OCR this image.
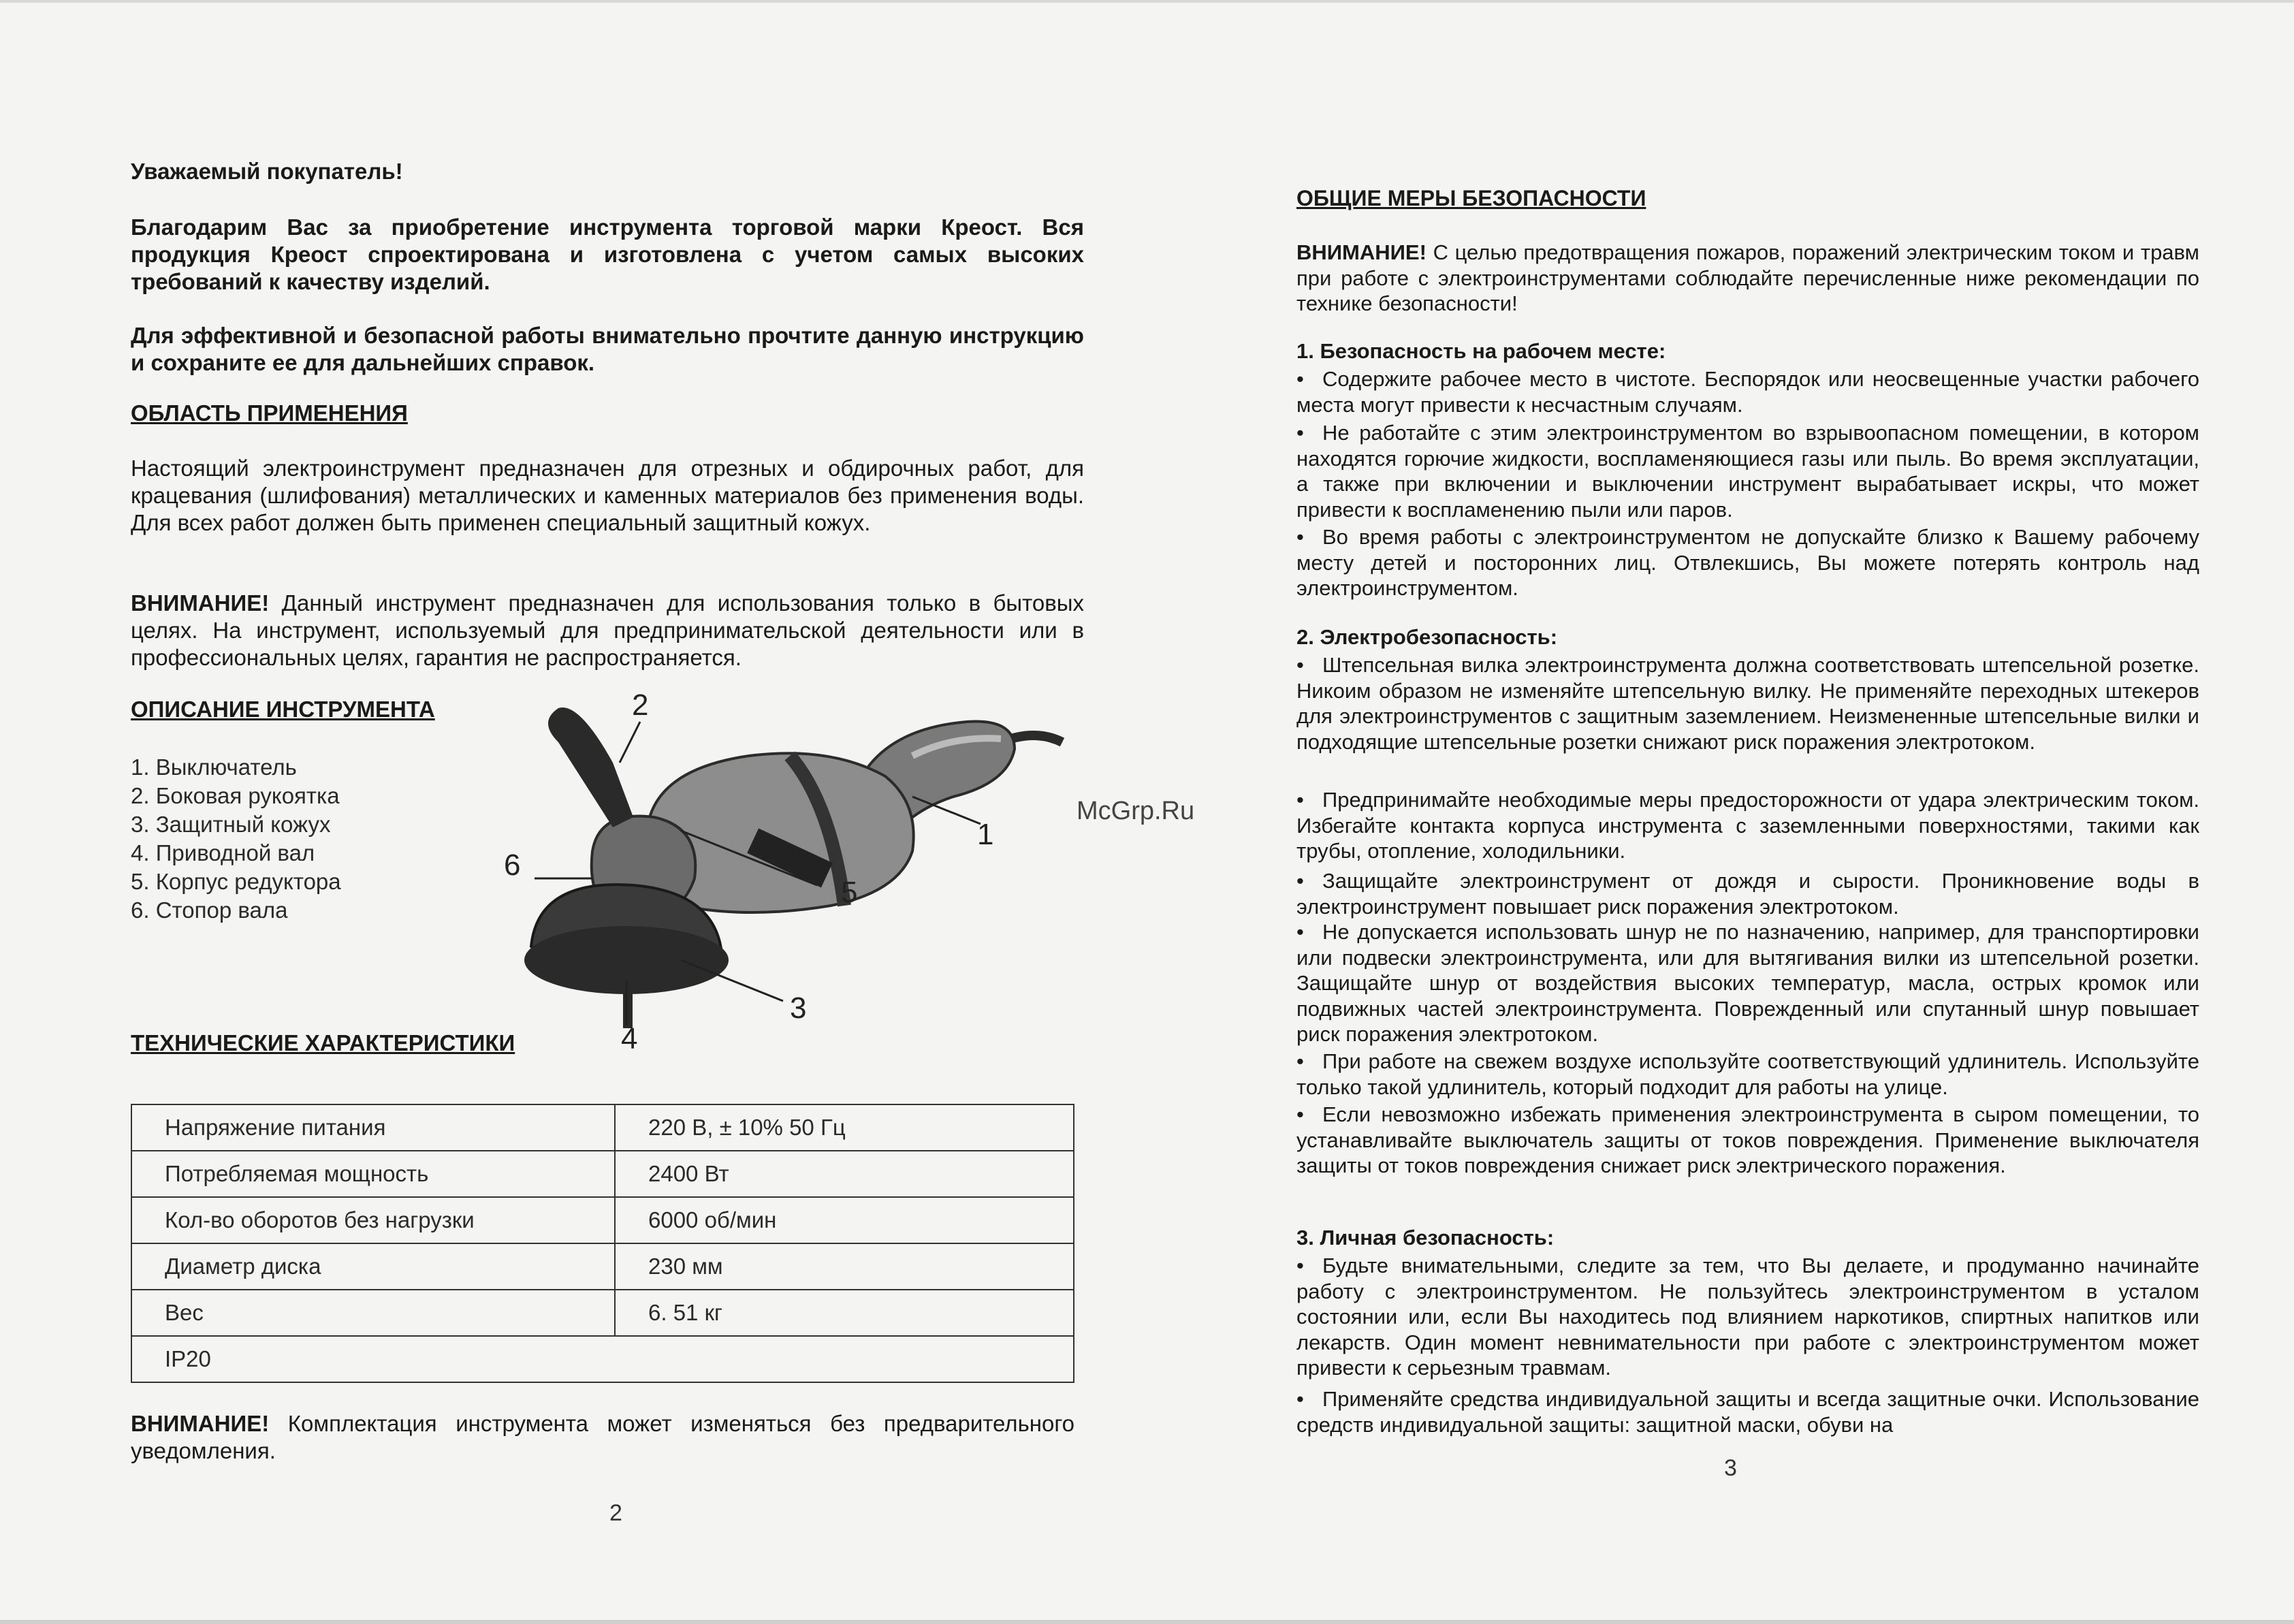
Уважаемый покупатель!
Благодарим Вас за приобретение инструмента торговой марки Креост. Вся продукция Креост спроектирована и изготовлена с учетом самых высоких требований к качеству изделий.
Для эффективной и безопасной работы внимательно прочтите данную инструкцию и сохраните ее для дальнейших справок.
ОБЛАСТЬ ПРИМЕНЕНИЯ
Настоящий электроинструмент предназначен для отрезных и обдирочных работ, для крацевания (шлифования) металлических и каменных материалов без применения воды. Для всех работ должен быть применен специальный защитный кожух.
ВНИМАНИЕ! Данный инструмент предназначен для использования только в бытовых целях. На инструмент, используемый для предпринимательской деятельности или в профессиональных целях, гарантия не распространяется.
ОПИСАНИЕ ИНСТРУМЕНТА
1. Выключатель
2. Боковая рукоятка
3. Защитный кожух
4. Приводной вал
5. Корпус редуктора
6. Стопор вала
2
1
3
4
5
6
ТЕХНИЧЕСКИЕ ХАРАКТЕРИСТИКИ
Напряжение питания	220 В, ± 10% 50 Гц
Потребляемая мощность	2400 Вт
Кол-во оборотов без нагрузки	6000 об/мин
Диаметр диска	230 мм
Вес	6. 51 кг
IP20	
ВНИМАНИЕ! Комплектация инструмента может изменяться без предварительного уведомления.
2
McGrp.Ru
ОБЩИЕ МЕРЫ БЕЗОПАСНОСТИ
ВНИМАНИЕ! С целью предотвращения пожаров, поражений электрическим током и травм при работе с электроинструментами соблюдайте перечисленные ниже рекомендации по технике безопасности!
1. Безопасность на рабочем месте:
• Содержите рабочее место в чистоте. Беспорядок или неосвещенные участки рабочего места могут привести к несчастным случаям.
• Не работайте с этим электроинструментом во взрывоопасном помещении, в котором находятся горючие жидкости, воспламеняющиеся газы или пыль. Во время эксплуатации, а также при включении и выключении инструмент вырабатывает искры, что может привести к воспламенению пыли или паров.
• Во время работы с электроинструментом не допускайте близко к Вашему рабочему месту детей и посторонних лиц. Отвлекшись, Вы можете потерять контроль над электроинструментом.
2. Электробезопасность:
• Штепсельная вилка электроинструмента должна соответствовать штепсельной розетке. Никоим образом не изменяйте штепсельную вилку. Не применяйте переходных штекеров для электроинструментов с защитным заземлением. Неизмененные штепсельные вилки и подходящие штепсельные розетки снижают риск поражения электротоком.
• Предпринимайте необходимые меры предосторожности от удара электрическим током. Избегайте контакта корпуса инструмента с заземленными поверхностями, такими как трубы, отопление, холодильники.
• Защищайте электроинструмент от дождя и сырости. Проникновение воды в электроинструмент повышает риск поражения электротоком.
• Не допускается использовать шнур не по назначению, например, для транспортировки или подвески электроинструмента, или для вытягивания вилки из штепсельной розетки. Защищайте шнур от воздействия высоких температур, масла, острых кромок или подвижных частей электроинструмента. Поврежденный или спутанный шнур повышает риск поражения электротоком.
• При работе на свежем воздухе используйте соответствующий удлинитель. Используйте только такой удлинитель, который подходит для работы на улице.
• Если невозможно избежать применения электроинструмента в сыром помещении, то устанавливайте выключатель защиты от токов повреждения. Применение выключателя защиты от токов повреждения снижает риск электрического поражения.
3. Личная безопасность:
• Будьте внимательными, следите за тем, что Вы делаете, и продуманно начинайте работу с электроинструментом. Не пользуйтесь электроинструментом в усталом состоянии или, если Вы находитесь под влиянием наркотиков, спиртных напитков или лекарств. Один момент невнимательности при работе с электроинструментом может привести к серьезным травмам.
• Применяйте средства индивидуальной защиты и всегда защитные очки. Использование средств индивидуальной защиты: защитной маски, обуви на
3
